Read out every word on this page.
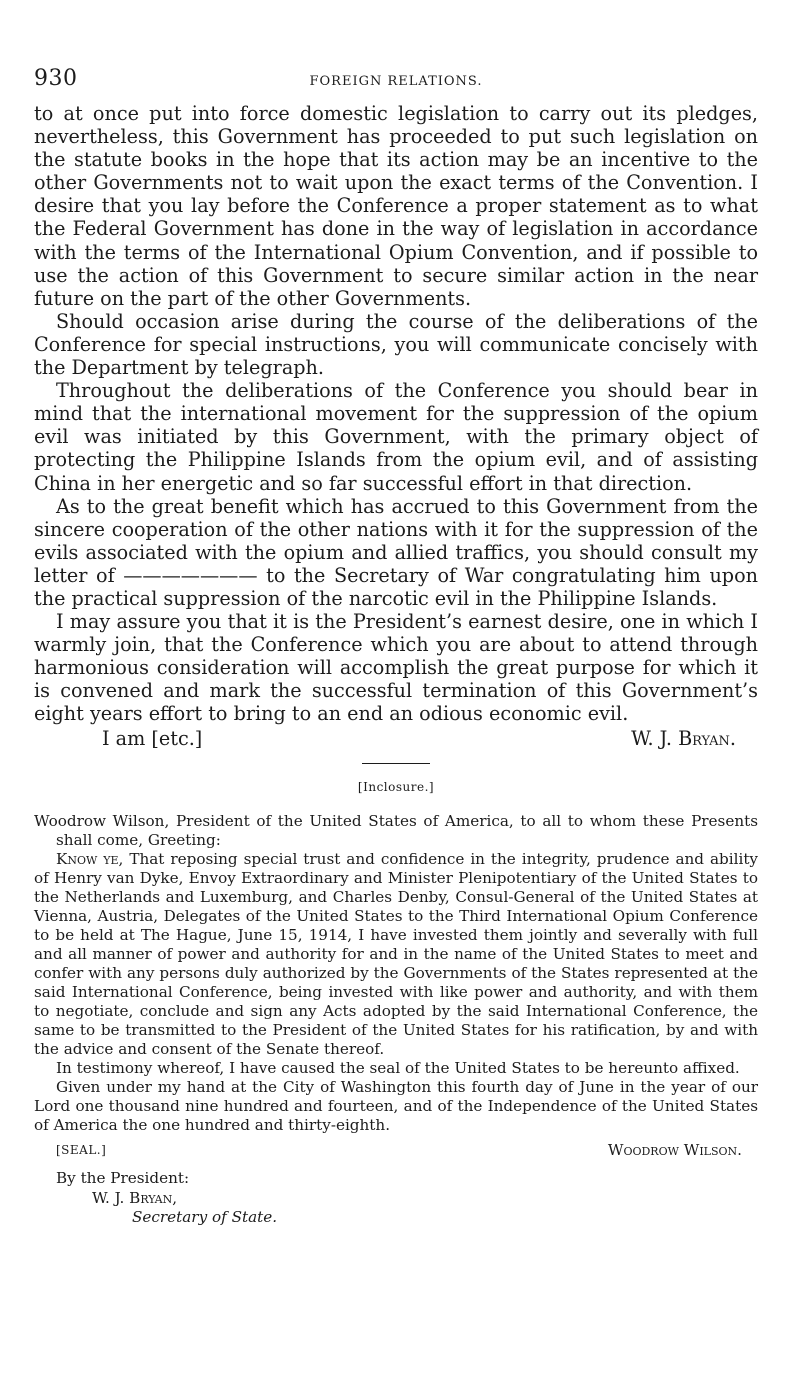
930	FOREIGN RELATIONS.

to at once put into force domestic legislation to carry out its pledges, nevertheless, this Government has proceeded to put such legislation on the statute books in the hope that its action may be an incentive to the other Governments not to wait upon the exact terms of the Convention. I desire that you lay before the Conference a proper statement as to what the Federal Government has done in the way of legislation in accordance with the terms of the International Opium Convention, and if possible to use the action of this Government to secure similar action in the near future on the part of the other Governments.

Should occasion arise during the course of the deliberations of the Conference for special instructions, you will communicate concisely with the Department by telegraph.

Throughout the deliberations of the Conference you should bear in mind that the international movement for the suppression of the opium evil was initiated by this Government, with the primary object of protecting the Philippine Islands from the opium evil, and of assisting China in her energetic and so far successful effort in that direction.

As to the great benefit which has accrued to this Government from the sincere cooperation of the other nations with it for the suppression of the evils associated with the opium and allied traffics, you should consult my letter of ——————— to the Secretary of War congratulating him upon the practical suppression of the narcotic evil in the Philippine Islands.

I may assure you that it is the President’s earnest desire, one in which I warmly join, that the Conference which you are about to attend through harmonious consideration will accomplish the great purpose for which it is convened and mark the successful termination of this Government’s eight years effort to bring to an end an odious economic evil.

I am [etc.]	W. J. Bryan.
[Inclosure.]

Woodrow Wilson, President of the United States of America, to all to whom these Presents shall come, Greeting:

Know ye, That reposing special trust and confidence in the integrity, prudence and ability of Henry van Dyke, Envoy Extraordinary and Minister Plenipotentiary of the United States to the Netherlands and Luxemburg, and Charles Denby, Consul-General of the United States at Vienna, Austria, Delegates of the United States to the Third International Opium Conference to be held at The Hague, June 15, 1914, I have invested them jointly and severally with full and all manner of power and authority for and in the name of the United States to meet and confer with any persons duly authorized by the Governments of the States represented at the said International Conference, being invested with like power and authority, and with them to negotiate, conclude and sign any Acts adopted by the said International Conference, the same to be transmitted to the President of the United States for his ratification, by and with the advice and consent of the Senate thereof.

In testimony whereof, I have caused the seal of the United States to be hereunto affixed.

Given under my hand at the City of Washington this fourth day of June in the year of our Lord one thousand nine hundred and fourteen, and of the Independence of the United States of America the one hundred and thirty-eighth.

[SEAL.]	Woodrow Wilson.
By the President:
W. J. Bryan,
Secretary of State.
